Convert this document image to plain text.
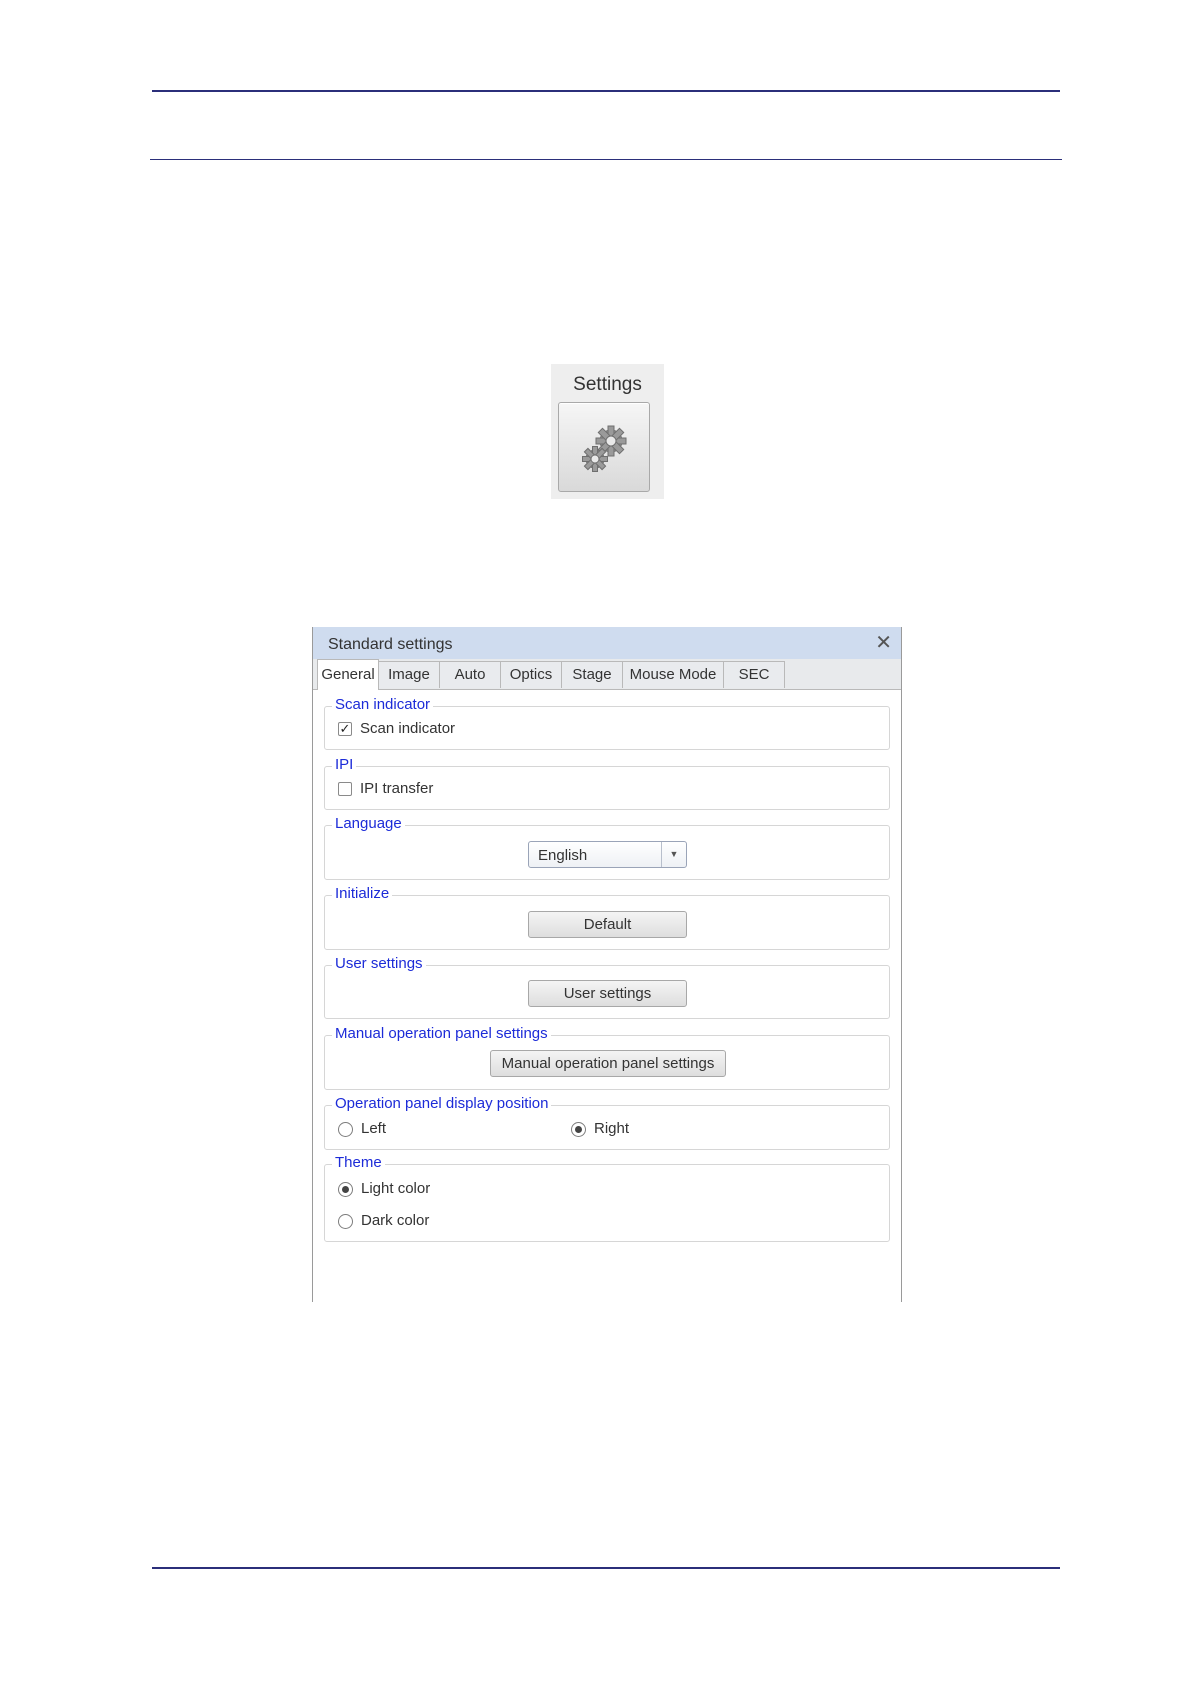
Settings
Standard settings	✕
General Image	Auto	Optics	Stage	Mouse Mode	SEC
Scan indicator
✓ Scan indicator
IPI
IPI transfer
Language
English	▼
Initialize
Default
User settings
User settings
Manual operation panel settings
Manual operation panel settings
Operation panel display position
Left	Right
Theme
Light color
Dark color
